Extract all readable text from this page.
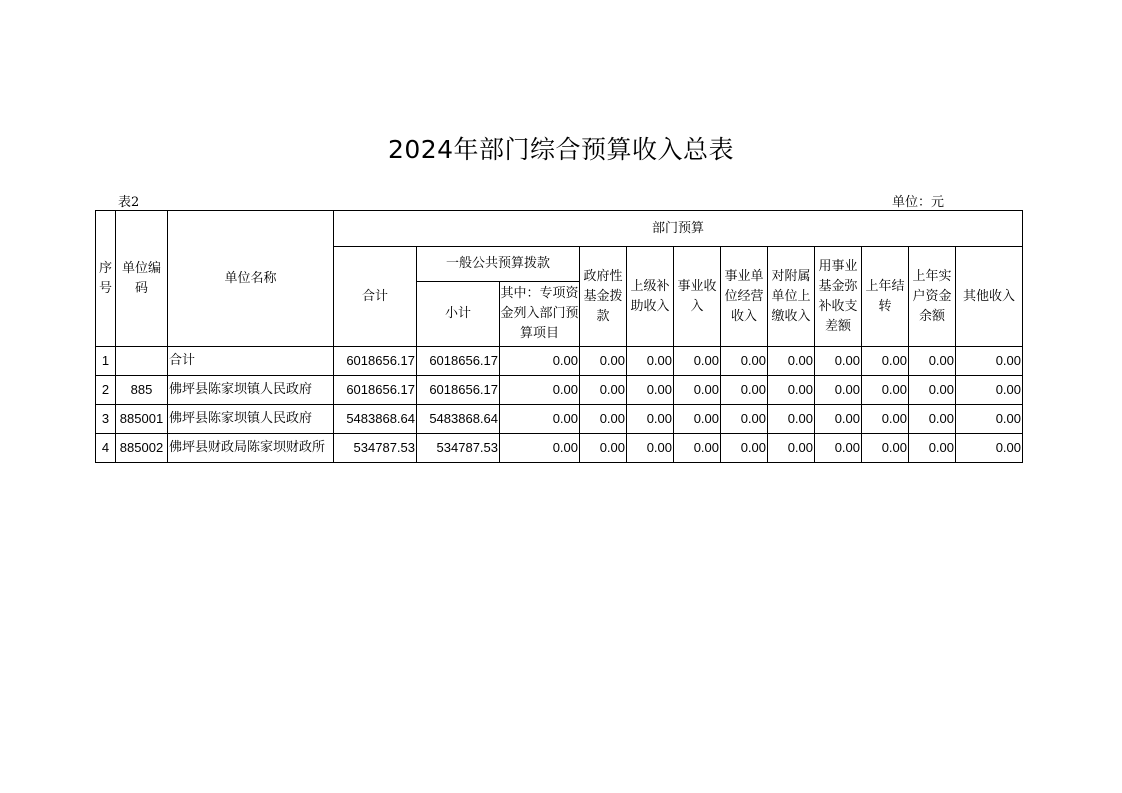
2024年部门综合预算收入总表
表2	单位：元
序号	单位编码	单位名称	部门预算											
			合计	一般公共预算拨款		政府性基金拨款	上级补助收入	事业收入	事业单位经营收入	对附属单位上缴收入	用事业基金弥补收支差额	上年结转	上年实户资金余额	其他收入
				小计	其中：专项资金列入部门预算项目									
1		合计	6018656.17	6018656.17	0.00	0.00	0.00	0.00	0.00	0.00	0.00	0.00	0.00	0.00
2	885	佛坪县陈家坝镇人民政府	6018656.17	6018656.17	0.00	0.00	0.00	0.00	0.00	0.00	0.00	0.00	0.00	0.00
3	885001	佛坪县陈家坝镇人民政府	5483868.64	5483868.64	0.00	0.00	0.00	0.00	0.00	0.00	0.00	0.00	0.00	0.00
4	885002	佛坪县财政局陈家坝财政所	534787.53	534787.53	0.00	0.00	0.00	0.00	0.00	0.00	0.00	0.00	0.00	0.00
